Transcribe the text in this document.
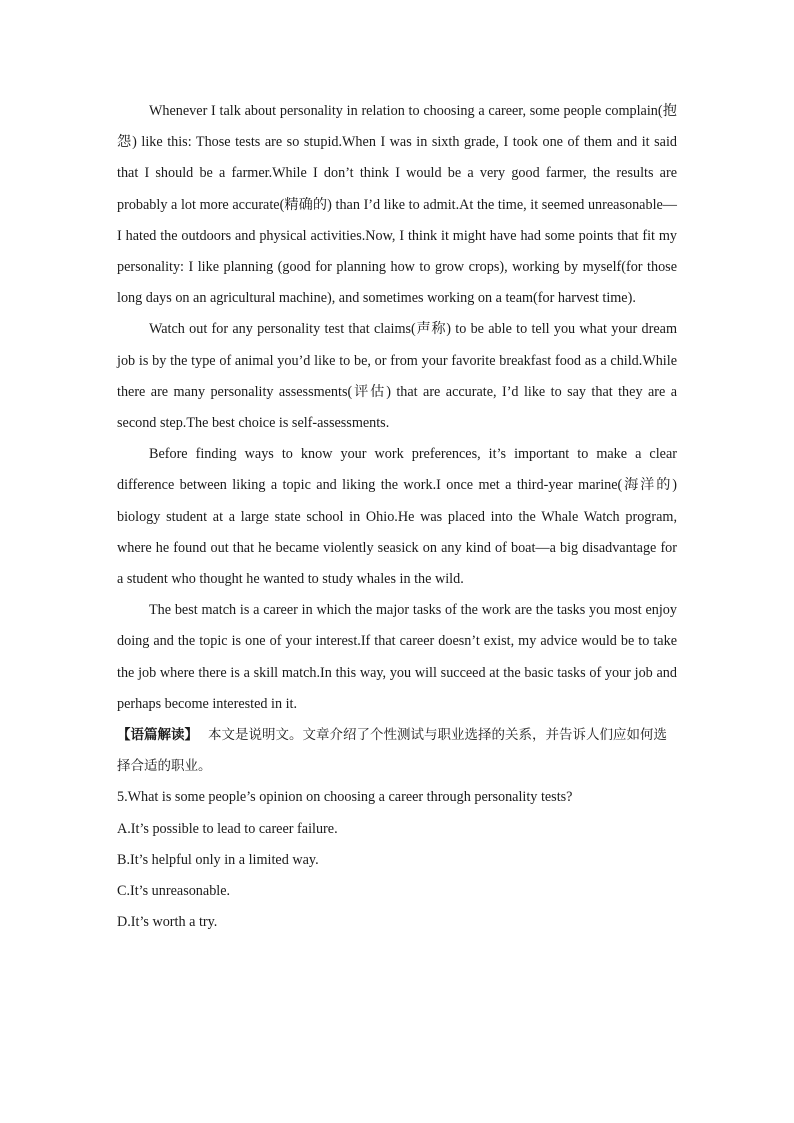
Whenever I talk about personality in relation to choosing a career, some people complain(抱怨) like this: Those tests are so stupid.When I was in sixth grade, I took one of them and it said that I should be a farmer.While I don’t think I would be a very good farmer, the results are probably a lot more accurate(精确的) than I’d like to admit.At the time, it seemed unreasonable—I hated the outdoors and physical activities.Now, I think it might have had some points that fit my personality: I like planning (good for planning how to grow crops), working by myself(for those long days on an agricultural machine), and sometimes working on a team(for harvest time).

Watch out for any personality test that claims(声称) to be able to tell you what your dream job is by the type of animal you’d like to be, or from your favorite breakfast food as a child.While there are many personality assessments(评估) that are accurate, I’d like to say that they are a second step.The best choice is self-assessments.

Before finding ways to know your work preferences, it’s important to make a clear difference between liking a topic and liking the work.I once met a third-year marine(海洋的) biology student at a large state school in Ohio.He was placed into the Whale Watch program, where he found out that he became violently seasick on any kind of boat—a big disadvantage for a student who thought he wanted to study whales in the wild.

The best match is a career in which the major tasks of the work are the tasks you most enjoy doing and the topic is one of your interest.If that career doesn’t exist, my advice would be to take the job where there is a skill match.In this way, you will succeed at the basic tasks of your job and perhaps become interested in it.

【语篇解读】 本文是说明文。文章介绍了个性测试与职业选择的关系，并告诉人们应如何选择合适的职业。

5.What is some people’s opinion on choosing a career through personality tests?

A.It’s possible to lead to career failure.

B.It’s helpful only in a limited way.

C.It’s unreasonable.

D.It’s worth a try.
